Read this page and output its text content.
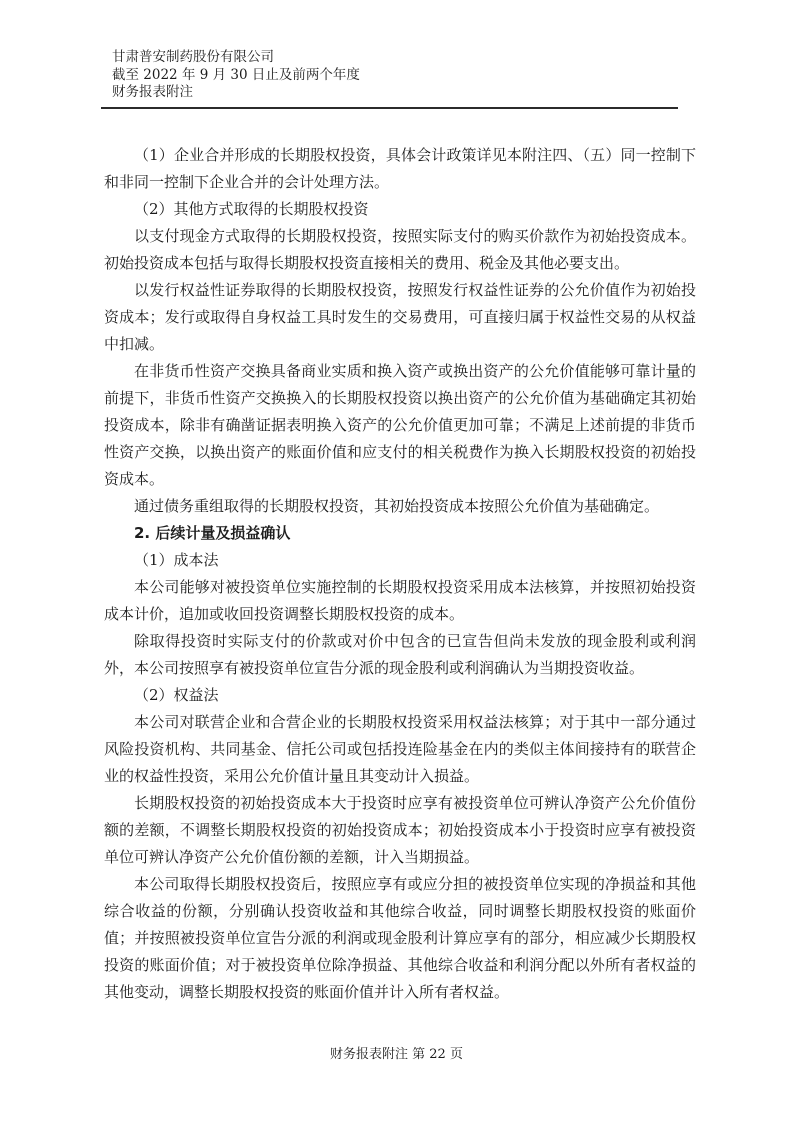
甘肃普安制药股份有限公司
截至 2022 年 9 月 30 日止及前两个年度
财务报表附注

（1）企业合并形成的长期股权投资，具体会计政策详见本附注四、（五）同一控制下和非同一控制下企业合并的会计处理方法。

（2）其他方式取得的长期股权投资

以支付现金方式取得的长期股权投资，按照实际支付的购买价款作为初始投资成本。初始投资成本包括与取得长期股权投资直接相关的费用、税金及其他必要支出。

以发行权益性证券取得的长期股权投资，按照发行权益性证券的公允价值作为初始投资成本；发行或取得自身权益工具时发生的交易费用，可直接归属于权益性交易的从权益中扣减。

在非货币性资产交换具备商业实质和换入资产或换出资产的公允价值能够可靠计量的前提下，非货币性资产交换换入的长期股权投资以换出资产的公允价值为基础确定其初始投资成本，除非有确凿证据表明换入资产的公允价值更加可靠；不满足上述前提的非货币性资产交换，以换出资产的账面价值和应支付的相关税费作为换入长期股权投资的初始投资成本。

通过债务重组取得的长期股权投资，其初始投资成本按照公允价值为基础确定。

2. 后续计量及损益确认

（1）成本法

本公司能够对被投资单位实施控制的长期股权投资采用成本法核算，并按照初始投资成本计价，追加或收回投资调整长期股权投资的成本。

除取得投资时实际支付的价款或对价中包含的已宣告但尚未发放的现金股利或利润外，本公司按照享有被投资单位宣告分派的现金股利或利润确认为当期投资收益。

（2）权益法

本公司对联营企业和合营企业的长期股权投资采用权益法核算；对于其中一部分通过风险投资机构、共同基金、信托公司或包括投连险基金在内的类似主体间接持有的联营企业的权益性投资，采用公允价值计量且其变动计入损益。

长期股权投资的初始投资成本大于投资时应享有被投资单位可辨认净资产公允价值份额的差额，不调整长期股权投资的初始投资成本；初始投资成本小于投资时应享有被投资单位可辨认净资产公允价值份额的差额，计入当期损益。

本公司取得长期股权投资后，按照应享有或应分担的被投资单位实现的净损益和其他综合收益的份额，分别确认投资收益和其他综合收益，同时调整长期股权投资的账面价值；并按照被投资单位宣告分派的利润或现金股利计算应享有的部分，相应减少长期股权投资的账面价值；对于被投资单位除净损益、其他综合收益和利润分配以外所有者权益的其他变动，调整长期股权投资的账面价值并计入所有者权益。

财务报表附注 第 22 页
